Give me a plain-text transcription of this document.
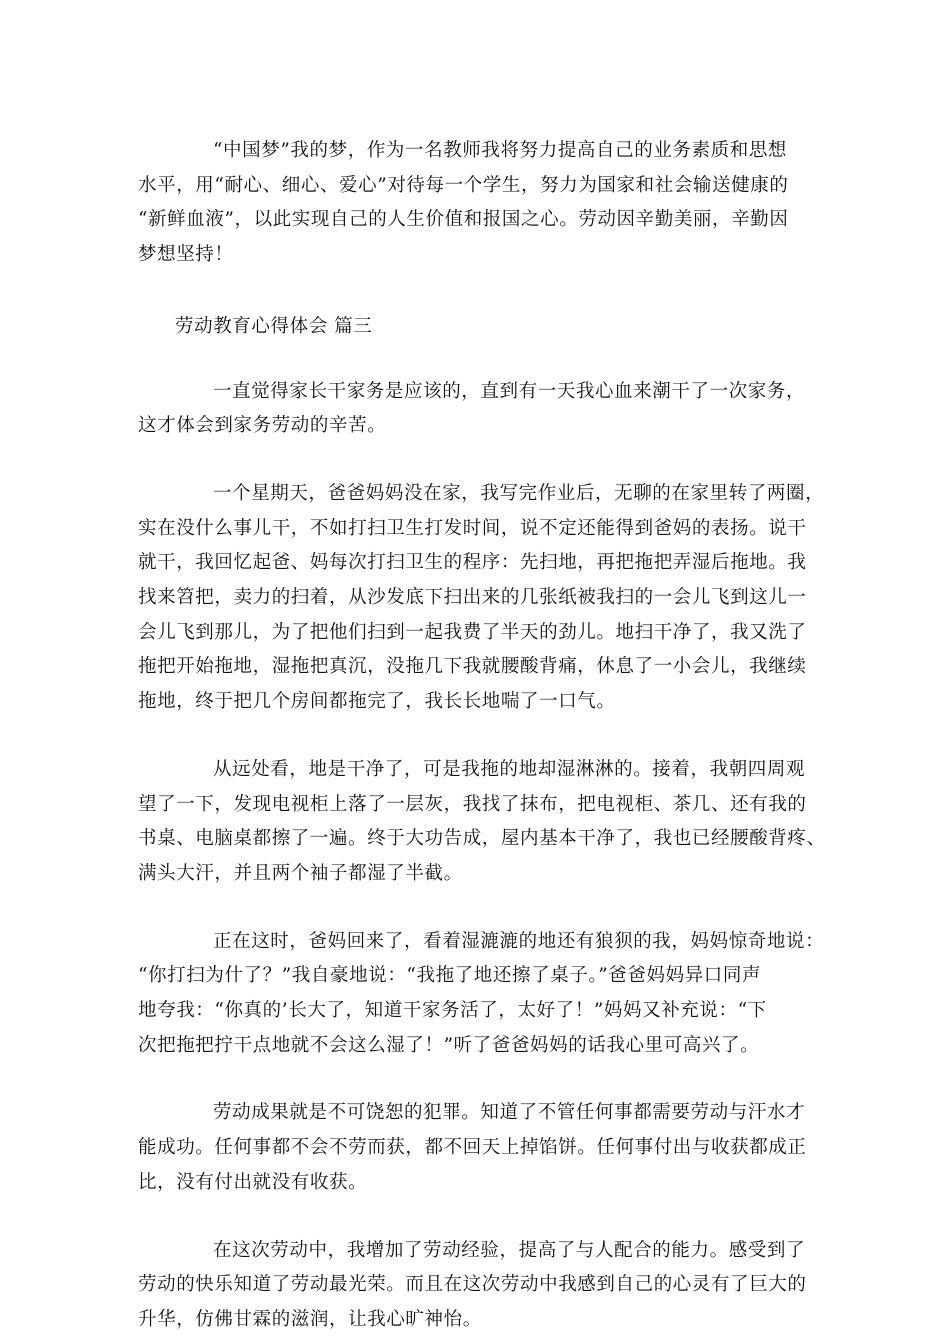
“中国梦”我的梦，作为一名教师我将努力提高自己的业务素质和思想
水平，用“耐心、细心、爱心”对待每一个学生，努力为国家和社会输送健康的
“新鲜血液”，以此实现自己的人生价值和报国之心。劳动因辛勤美丽，辛勤因
梦想坚持！

劳动教育心得体会 篇三

一直觉得家长干家务是应该的，直到有一天我心血来潮干了一次家务，
这才体会到家务劳动的辛苦。

一个星期天，爸爸妈妈没在家，我写完作业后，无聊的在家里转了两圈，
实在没什么事儿干，不如打扫卫生打发时间，说不定还能得到爸妈的表扬。说干
就干，我回忆起爸、妈每次打扫卫生的程序：先扫地，再把拖把弄湿后拖地。我
找来笤把，卖力的扫着，从沙发底下扫出来的几张纸被我扫的一会儿飞到这儿一
会儿飞到那儿，为了把他们扫到一起我费了半天的劲儿。地扫干净了，我又洗了
拖把开始拖地，湿拖把真沉，没拖几下我就腰酸背痛，休息了一小会儿，我继续
拖地，终于把几个房间都拖完了，我长长地喘了一口气。

从远处看，地是干净了，可是我拖的地却湿淋淋的。接着，我朝四周观
望了一下，发现电视柜上落了一层灰，我找了抹布，把电视柜、茶几、还有我的
书桌、电脑桌都擦了一遍。终于大功告成，屋内基本干净了，我也已经腰酸背疼、
满头大汗，并且两个袖子都湿了半截。

正在这时，爸妈回来了，看着湿漉漉的地还有狼狈的我，妈妈惊奇地说：
“你打扫为什了？”我自豪地说：“我拖了地还擦了桌子。”爸爸妈妈异口同声
地夸我：“你真的’长大了，知道干家务活了，太好了！”妈妈又补充说：“下
次把拖把拧干点地就不会这么湿了！”听了爸爸妈妈的话我心里可高兴了。

劳动成果就是不可饶恕的犯罪。知道了不管任何事都需要劳动与汗水才
能成功。任何事都不会不劳而获，都不回天上掉馅饼。任何事付出与收获都成正
比，没有付出就没有收获。

在这次劳动中，我增加了劳动经验，提高了与人配合的能力。感受到了
劳动的快乐知道了劳动最光荣。而且在这次劳动中我感到自己的心灵有了巨大的
升华，仿佛甘霖的滋润，让我心旷神怡。
